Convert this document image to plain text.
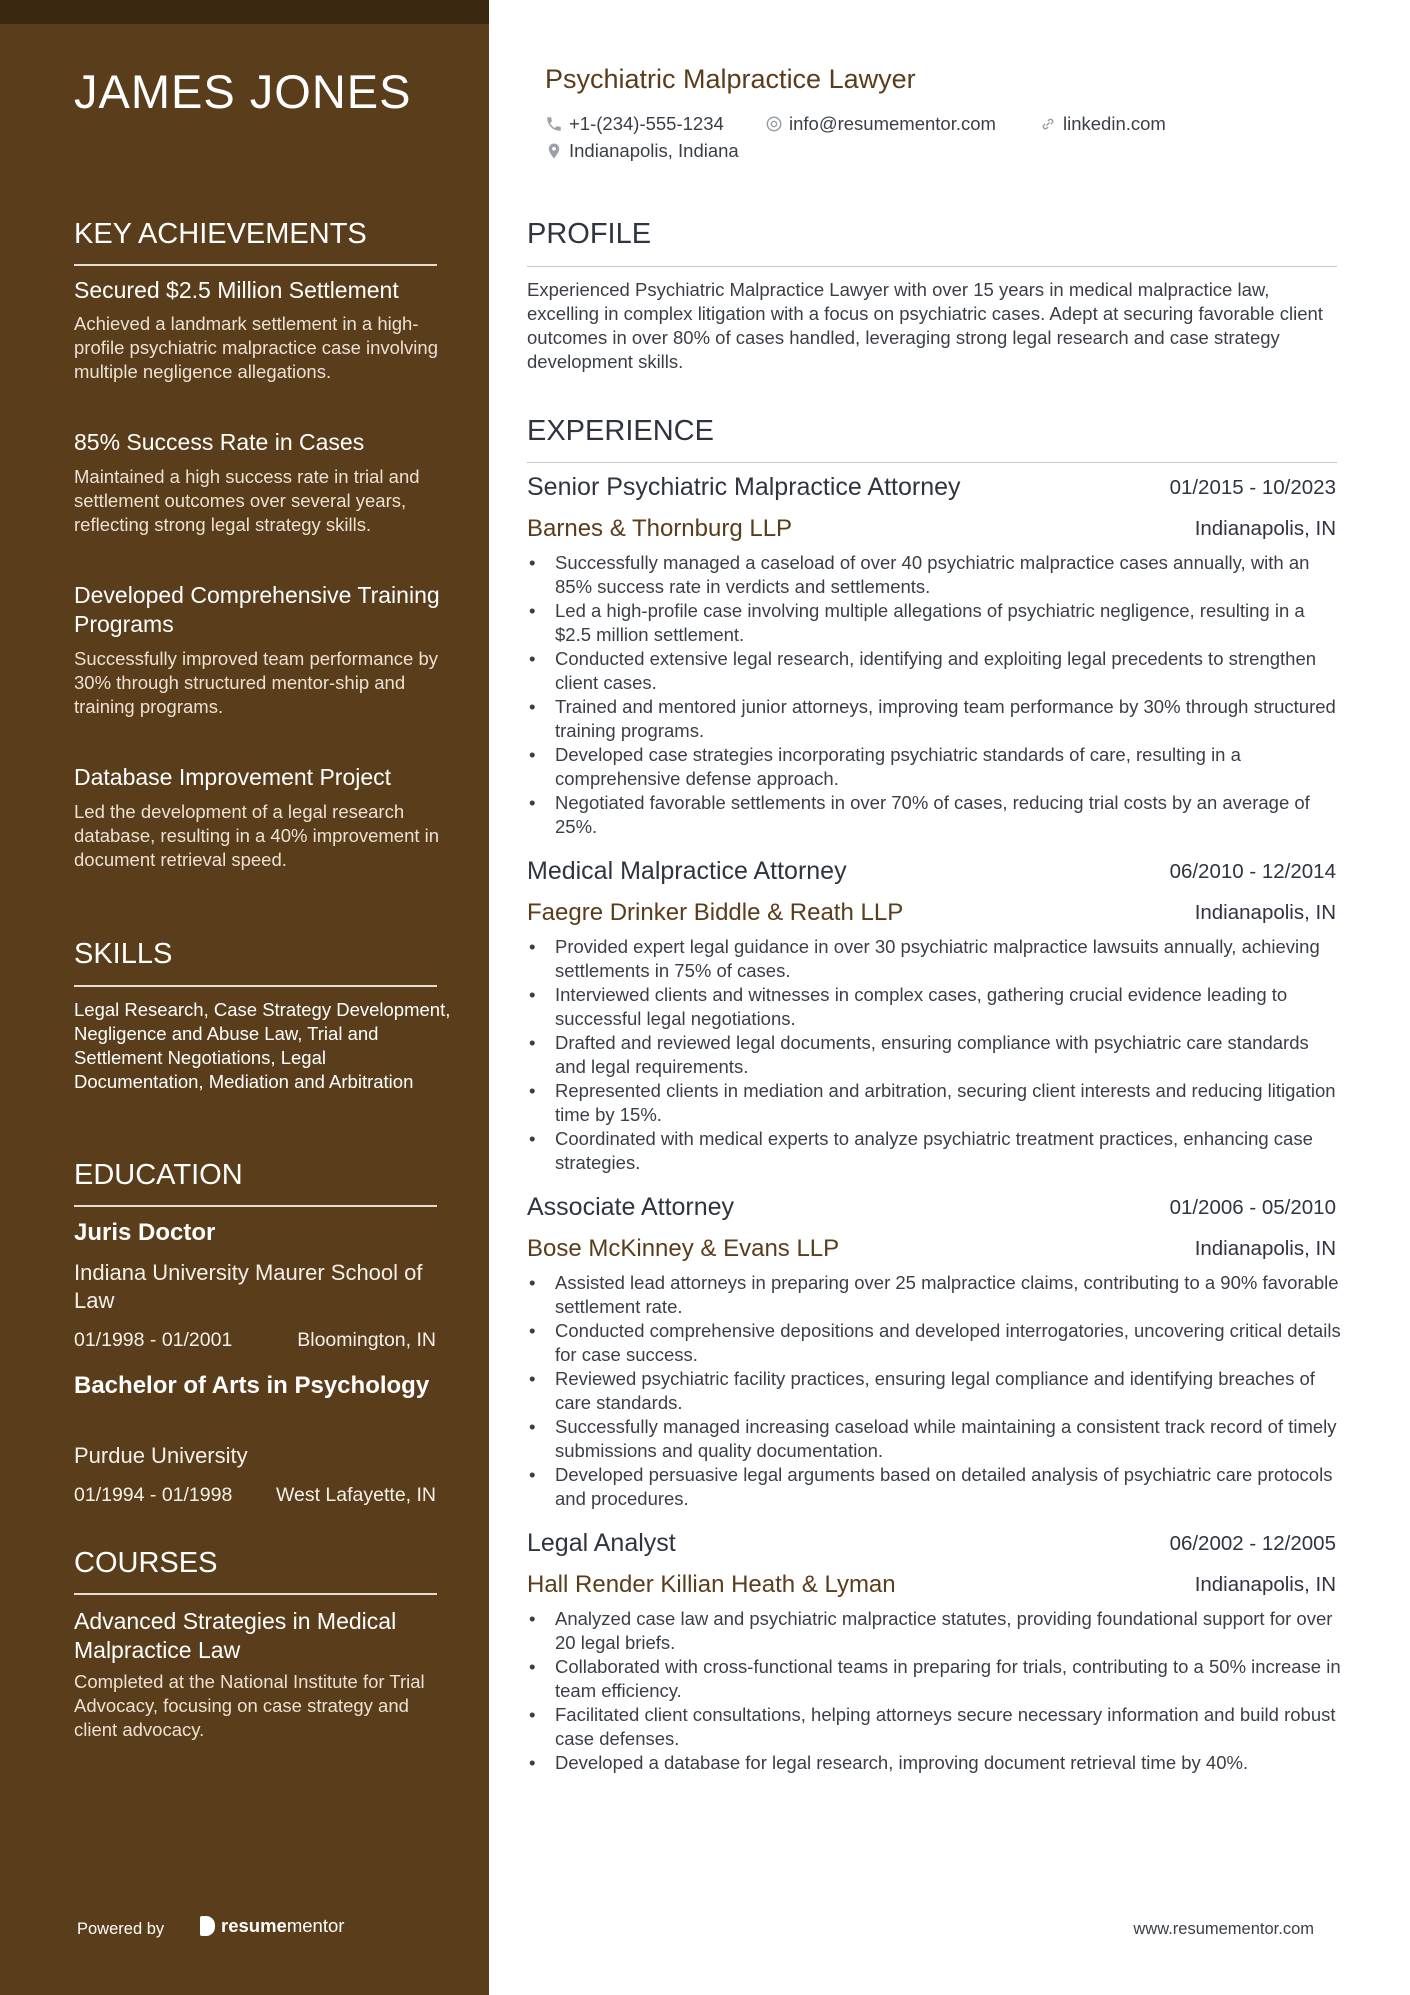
JAMES JONES
KEY ACHIEVEMENTS
Secured $2.5 Million Settlement
Achieved a landmark settlement in a high-profile psychiatric malpractice case involving multiple negligence allegations.
85% Success Rate in Cases
Maintained a high success rate in trial and settlement outcomes over several years, reflecting strong legal strategy skills.
Developed Comprehensive Training Programs
Successfully improved team performance by 30% through structured mentor-ship and training programs.
Database Improvement Project
Led the development of a legal research database, resulting in a 40% improvement in document retrieval speed.
SKILLS
Legal Research, Case Strategy Development, Negligence and Abuse Law, Trial and Settlement Negotiations, Legal Documentation, Mediation and Arbitration
EDUCATION
Juris Doctor
Indiana University Maurer School of Law
01/1998 - 01/2001	Bloomington, IN
Bachelor of Arts in Psychology
Purdue University
01/1994 - 01/1998 West Lafayette, IN
COURSES
Advanced Strategies in Medical Malpractice Law
Completed at the National Institute for Trial Advocacy, focusing on case strategy and client advocacy.
Powered by	resumementor
Psychiatric Malpractice Lawyer
+1-(234)-555-1234	info@resumementor.com	linkedin.com
Indianapolis, Indiana
PROFILE
Experienced Psychiatric Malpractice Lawyer with over 15 years in medical malpractice law, excelling in complex litigation with a focus on psychiatric cases. Adept at securing favorable client outcomes in over 80% of cases handled, leveraging strong legal research and case strategy development skills.
EXPERIENCE
Senior Psychiatric Malpractice Attorney	01/2015 - 10/2023
Barnes & Thornburg LLP	Indianapolis, IN
• Successfully managed a caseload of over 40 psychiatric malpractice cases annually, with an 85% success rate in verdicts and settlements.
• Led a high-profile case involving multiple allegations of psychiatric negligence, resulting in a $2.5 million settlement.
• Conducted extensive legal research, identifying and exploiting legal precedents to strengthen client cases.
• Trained and mentored junior attorneys, improving team performance by 30% through structured training programs.
• Developed case strategies incorporating psychiatric standards of care, resulting in a comprehensive defense approach.
• Negotiated favorable settlements in over 70% of cases, reducing trial costs by an average of 25%.
Medical Malpractice Attorney	06/2010 - 12/2014
Faegre Drinker Biddle & Reath LLP	Indianapolis, IN
• Provided expert legal guidance in over 30 psychiatric malpractice lawsuits annually, achieving settlements in 75% of cases.
• Interviewed clients and witnesses in complex cases, gathering crucial evidence leading to successful legal negotiations.
• Drafted and reviewed legal documents, ensuring compliance with psychiatric care standards and legal requirements.
• Represented clients in mediation and arbitration, securing client interests and reducing litigation time by 15%.
• Coordinated with medical experts to analyze psychiatric treatment practices, enhancing case strategies.
Associate Attorney	01/2006 - 05/2010
Bose McKinney & Evans LLP	Indianapolis, IN
• Assisted lead attorneys in preparing over 25 malpractice claims, contributing to a 90% favorable settlement rate.
• Conducted comprehensive depositions and developed interrogatories, uncovering critical details for case success.
• Reviewed psychiatric facility practices, ensuring legal compliance and identifying breaches of care standards.
• Successfully managed increasing caseload while maintaining a consistent track record of timely submissions and quality documentation.
• Developed persuasive legal arguments based on detailed analysis of psychiatric care protocols and procedures.
Legal Analyst	06/2002 - 12/2005
Hall Render Killian Heath & Lyman	Indianapolis, IN
• Analyzed case law and psychiatric malpractice statutes, providing foundational support for over 20 legal briefs.
• Collaborated with cross-functional teams in preparing for trials, contributing to a 50% increase in team efficiency.
• Facilitated client consultations, helping attorneys secure necessary information and build robust case defenses.
• Developed a database for legal research, improving document retrieval time by 40%.
www.resumementor.com
